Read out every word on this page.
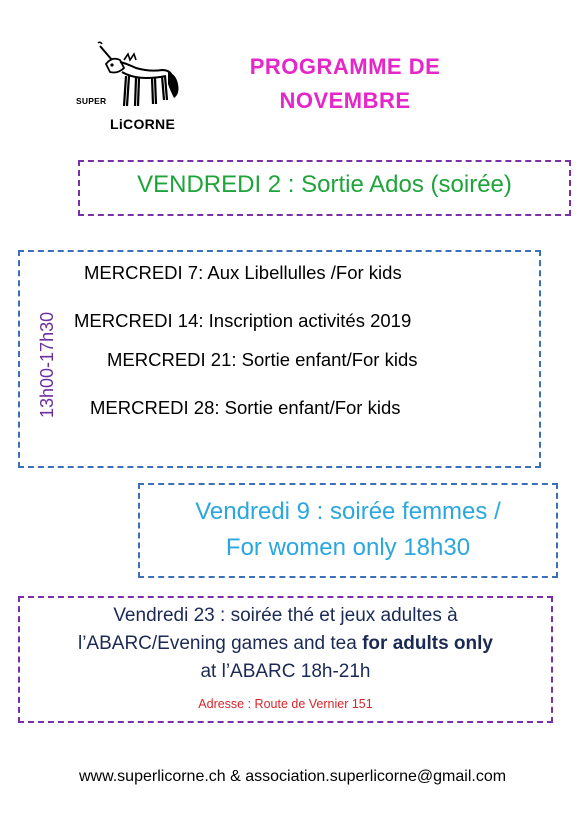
SUPER
LiCORNE
PROGRAMME DE
NOVEMBRE
VENDREDI 2 : Sortie Ados (soirée)
13h00-17h30
MERCREDI 7: Aux Libellulles /For kids
MERCREDI 14: Inscription activités 2019
MERCREDI 21: Sortie enfant/For kids
MERCREDI 28: Sortie enfant/For kids
Vendredi 9 : soirée femmes /
For women only 18h30
Vendredi 23 : soirée thé et jeux adultes à
l’ABARC/Evening games and tea for adults only
at l’ABARC 18h-21h
Adresse : Route de Vernier 151
www.superlicorne.ch & association.superlicorne@gmail.com
